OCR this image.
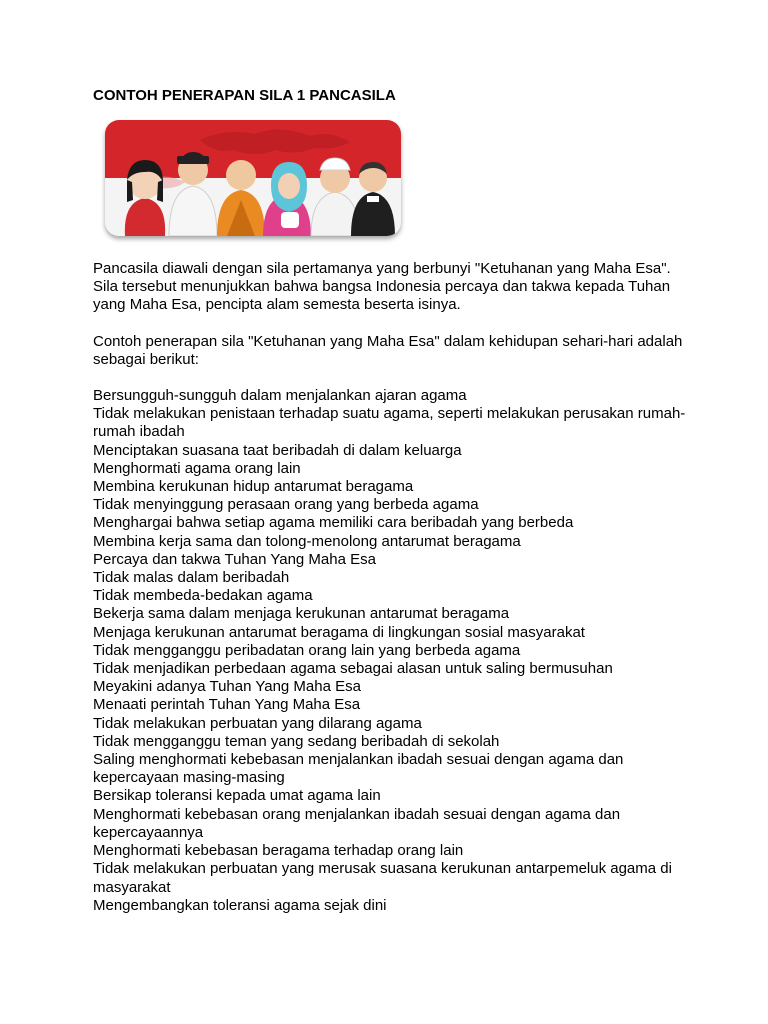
CONTOH PENERAPAN SILA 1 PANCASILA

Pancasila diawali dengan sila pertamanya yang berbunyi "Ketuhanan yang Maha Esa". Sila tersebut menunjukkan bahwa bangsa Indonesia percaya dan takwa kepada Tuhan yang Maha Esa, pencipta alam semesta beserta isinya.

Contoh penerapan sila "Ketuhanan yang Maha Esa" dalam kehidupan sehari-hari adalah sebagai berikut:

Bersungguh-sungguh dalam menjalankan ajaran agama
Tidak melakukan penistaan terhadap suatu agama, seperti melakukan perusakan rumah-rumah ibadah
Menciptakan suasana taat beribadah di dalam keluarga
Menghormati agama orang lain
Membina kerukunan hidup antarumat beragama
Tidak menyinggung perasaan orang yang berbeda agama
Menghargai bahwa setiap agama memiliki cara beribadah yang berbeda
Membina kerja sama dan tolong-menolong antarumat beragama
Percaya dan takwa Tuhan Yang Maha Esa
Tidak malas dalam beribadah
Tidak membeda-bedakan agama
Bekerja sama dalam menjaga kerukunan antarumat beragama
Menjaga kerukunan antarumat beragama di lingkungan sosial masyarakat
Tidak mengganggu peribadatan orang lain yang berbeda agama
Tidak menjadikan perbedaan agama sebagai alasan untuk saling bermusuhan
Meyakini adanya Tuhan Yang Maha Esa
Menaati perintah Tuhan Yang Maha Esa
Tidak melakukan perbuatan yang dilarang agama
Tidak mengganggu teman yang sedang beribadah di sekolah
Saling menghormati kebebasan menjalankan ibadah sesuai dengan agama dan kepercayaan masing-masing
Bersikap toleransi kepada umat agama lain
Menghormati kebebasan orang menjalankan ibadah sesuai dengan agama dan kepercayaannya
Menghormati kebebasan beragama terhadap orang lain
Tidak melakukan perbuatan yang merusak suasana kerukunan antarpemeluk agama di masyarakat
Mengembangkan toleransi agama sejak dini
